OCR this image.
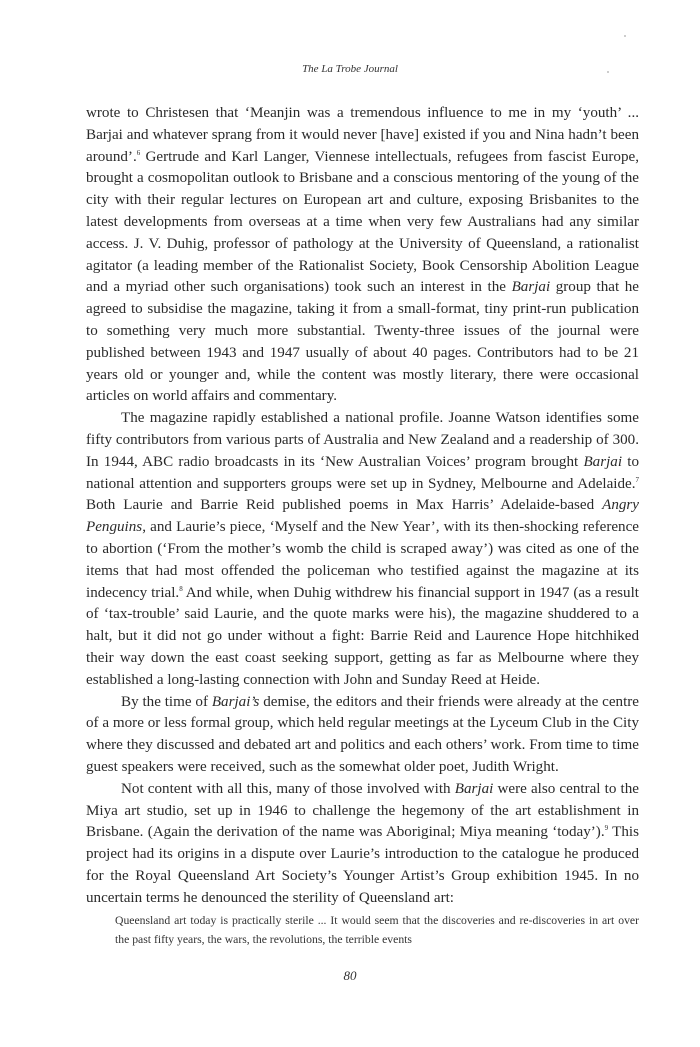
The La Trobe Journal

wrote to Christesen that ‘Meanjin was a tremendous influence to me in my ‘youth’ ... Barjai and whatever sprang from it would never [have] existed if you and Nina hadn’t been around’.$^6$ Gertrude and Karl Langer, Viennese intellectuals, refugees from fascist Europe, brought a cosmopolitan outlook to Brisbane and a conscious mentoring of the young of the city with their regular lectures on European art and culture, exposing Brisbanites to the latest developments from overseas at a time when very few Australians had any similar access. J. V. Duhig, professor of pathology at the University of Queensland, a rationalist agitator (a leading member of the Rationalist Society, Book Censorship Abolition League and a myriad other such organisations) took such an interest in the Barjai group that he agreed to subsidise the magazine, taking it from a small-format, tiny print-run publication to something very much more substantial. Twenty-three issues of the journal were published between 1943 and 1947 usually of about 40 pages. Contributors had to be 21 years old or younger and, while the content was mostly literary, there were occasional articles on world affairs and commentary.

The magazine rapidly established a national profile. Joanne Watson identifies some fifty contributors from various parts of Australia and New Zealand and a readership of 300. In 1944, ABC radio broadcasts in its ‘New Australian Voices’ program brought Barjai to national attention and supporters groups were set up in Sydney, Melbourne and Adelaide.$^7$ Both Laurie and Barrie Reid published poems in Max Harris’ Adelaide-based Angry Penguins, and Laurie’s piece, ‘Myself and the New Year’, with its then-shocking reference to abortion (‘From the mother’s womb the child is scraped away’) was cited as one of the items that had most offended the policeman who testified against the magazine at its indecency trial.$^8$ And while, when Duhig withdrew his financial support in 1947 (as a result of ‘tax-trouble’ said Laurie, and the quote marks were his), the magazine shuddered to a halt, but it did not go under without a fight: Barrie Reid and Laurence Hope hitchhiked their way down the east coast seeking support, getting as far as Melbourne where they established a long-lasting connection with John and Sunday Reed at Heide.

By the time of Barjai’s demise, the editors and their friends were already at the centre of a more or less formal group, which held regular meetings at the Lyceum Club in the City where they discussed and debated art and politics and each others’ work. From time to time guest speakers were received, such as the somewhat older poet, Judith Wright.

Not content with all this, many of those involved with Barjai were also central to the Miya art studio, set up in 1946 to challenge the hegemony of the art establishment in Brisbane. (Again the derivation of the name was Aboriginal; Miya meaning ‘today’).$^9$ This project had its origins in a dispute over Laurie’s introduction to the catalogue he produced for the Royal Queensland Art Society’s Younger Artist’s Group exhibition 1945. In no uncertain terms he denounced the sterility of Queensland art:

Queensland art today is practically sterile ... It would seem that the discoveries and re-discoveries in art over the past fifty years, the wars, the revolutions, the terrible events
80
